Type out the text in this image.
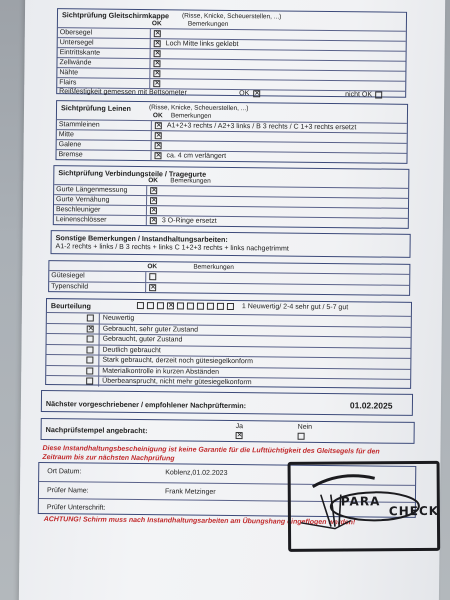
Sichtprüfung Gleitschirmkappe (Risse, Knicke, Scheuerstellen, ...)
OK	Bemerkungen
Obersegel	✕
Untersegel	✕ Loch Mitte links geklebt
Eintrittskante	✕
Zellwände	✕
Nähte	✕
Flairs	✕
Reißfestigkeit gemessen mit Bettsometer	OK ✕	nicht OK
Sichtprüfung Leinen	(Risse, Knicke, Scheuerstellen, ...)
OK Bemerkungen
Stammleinen	✕ A1+2+3 rechts / A2+3 links / B 3 rechts / C 1+3 rechts ersetzt
Mitte	✕
Galene	✕
Bremse	✕ ca. 4 cm verlängert
Sichtprüfung Verbindungsteile / Tragegurte
OK Bemerkungen
Gurte Längenmessung	✕
Gurte Vernähung	✕
Beschleuniger	✕
Leinenschlösser	✕ 3 O-Ringe ersetzt
Sonstige Bemerkungen / Instandhaltungsarbeiten:
A1-2 rechts + links / B 3 rechts + links C 1+2+3 rechts + links nachgetrimmt
OK	Bemerkungen
Gütesiegel
Typenschild	✕
Beurteilung	✕	1 Neuwertig/ 2-4 sehr gut / 5-7 gut
Neuwertig
✕ Gebraucht, sehr guter Zustand
Gebraucht, guter Zustand
Deutlich gebraucht
Stark gebraucht, derzeit noch gütesiegelkonform
Materialkontrolle in kurzen Abständen
Überbeansprucht, nicht mehr gütesiegelkonform
Nächster vorgeschriebener / empfohlener Nachprüftermin:	01.02.2025
Nachprüfstempel angebracht:	Ja
✕
Nein
Diese Instandhaltungsbescheinigung ist keine Garantie für die Lufttüchtigkeit des Gleitsegels für den Zeitraum bis zur nächsten Nachprüfung
Ort Datum:	Koblenz,01.02.2023
Prüfer Name:	Frank Metzinger
Prüfer Unterschrift:
ACHTUNG! Schirm muss nach Instandhaltungsarbeiten am Übungshang eingeflogen werden!
PARA
CHECK
